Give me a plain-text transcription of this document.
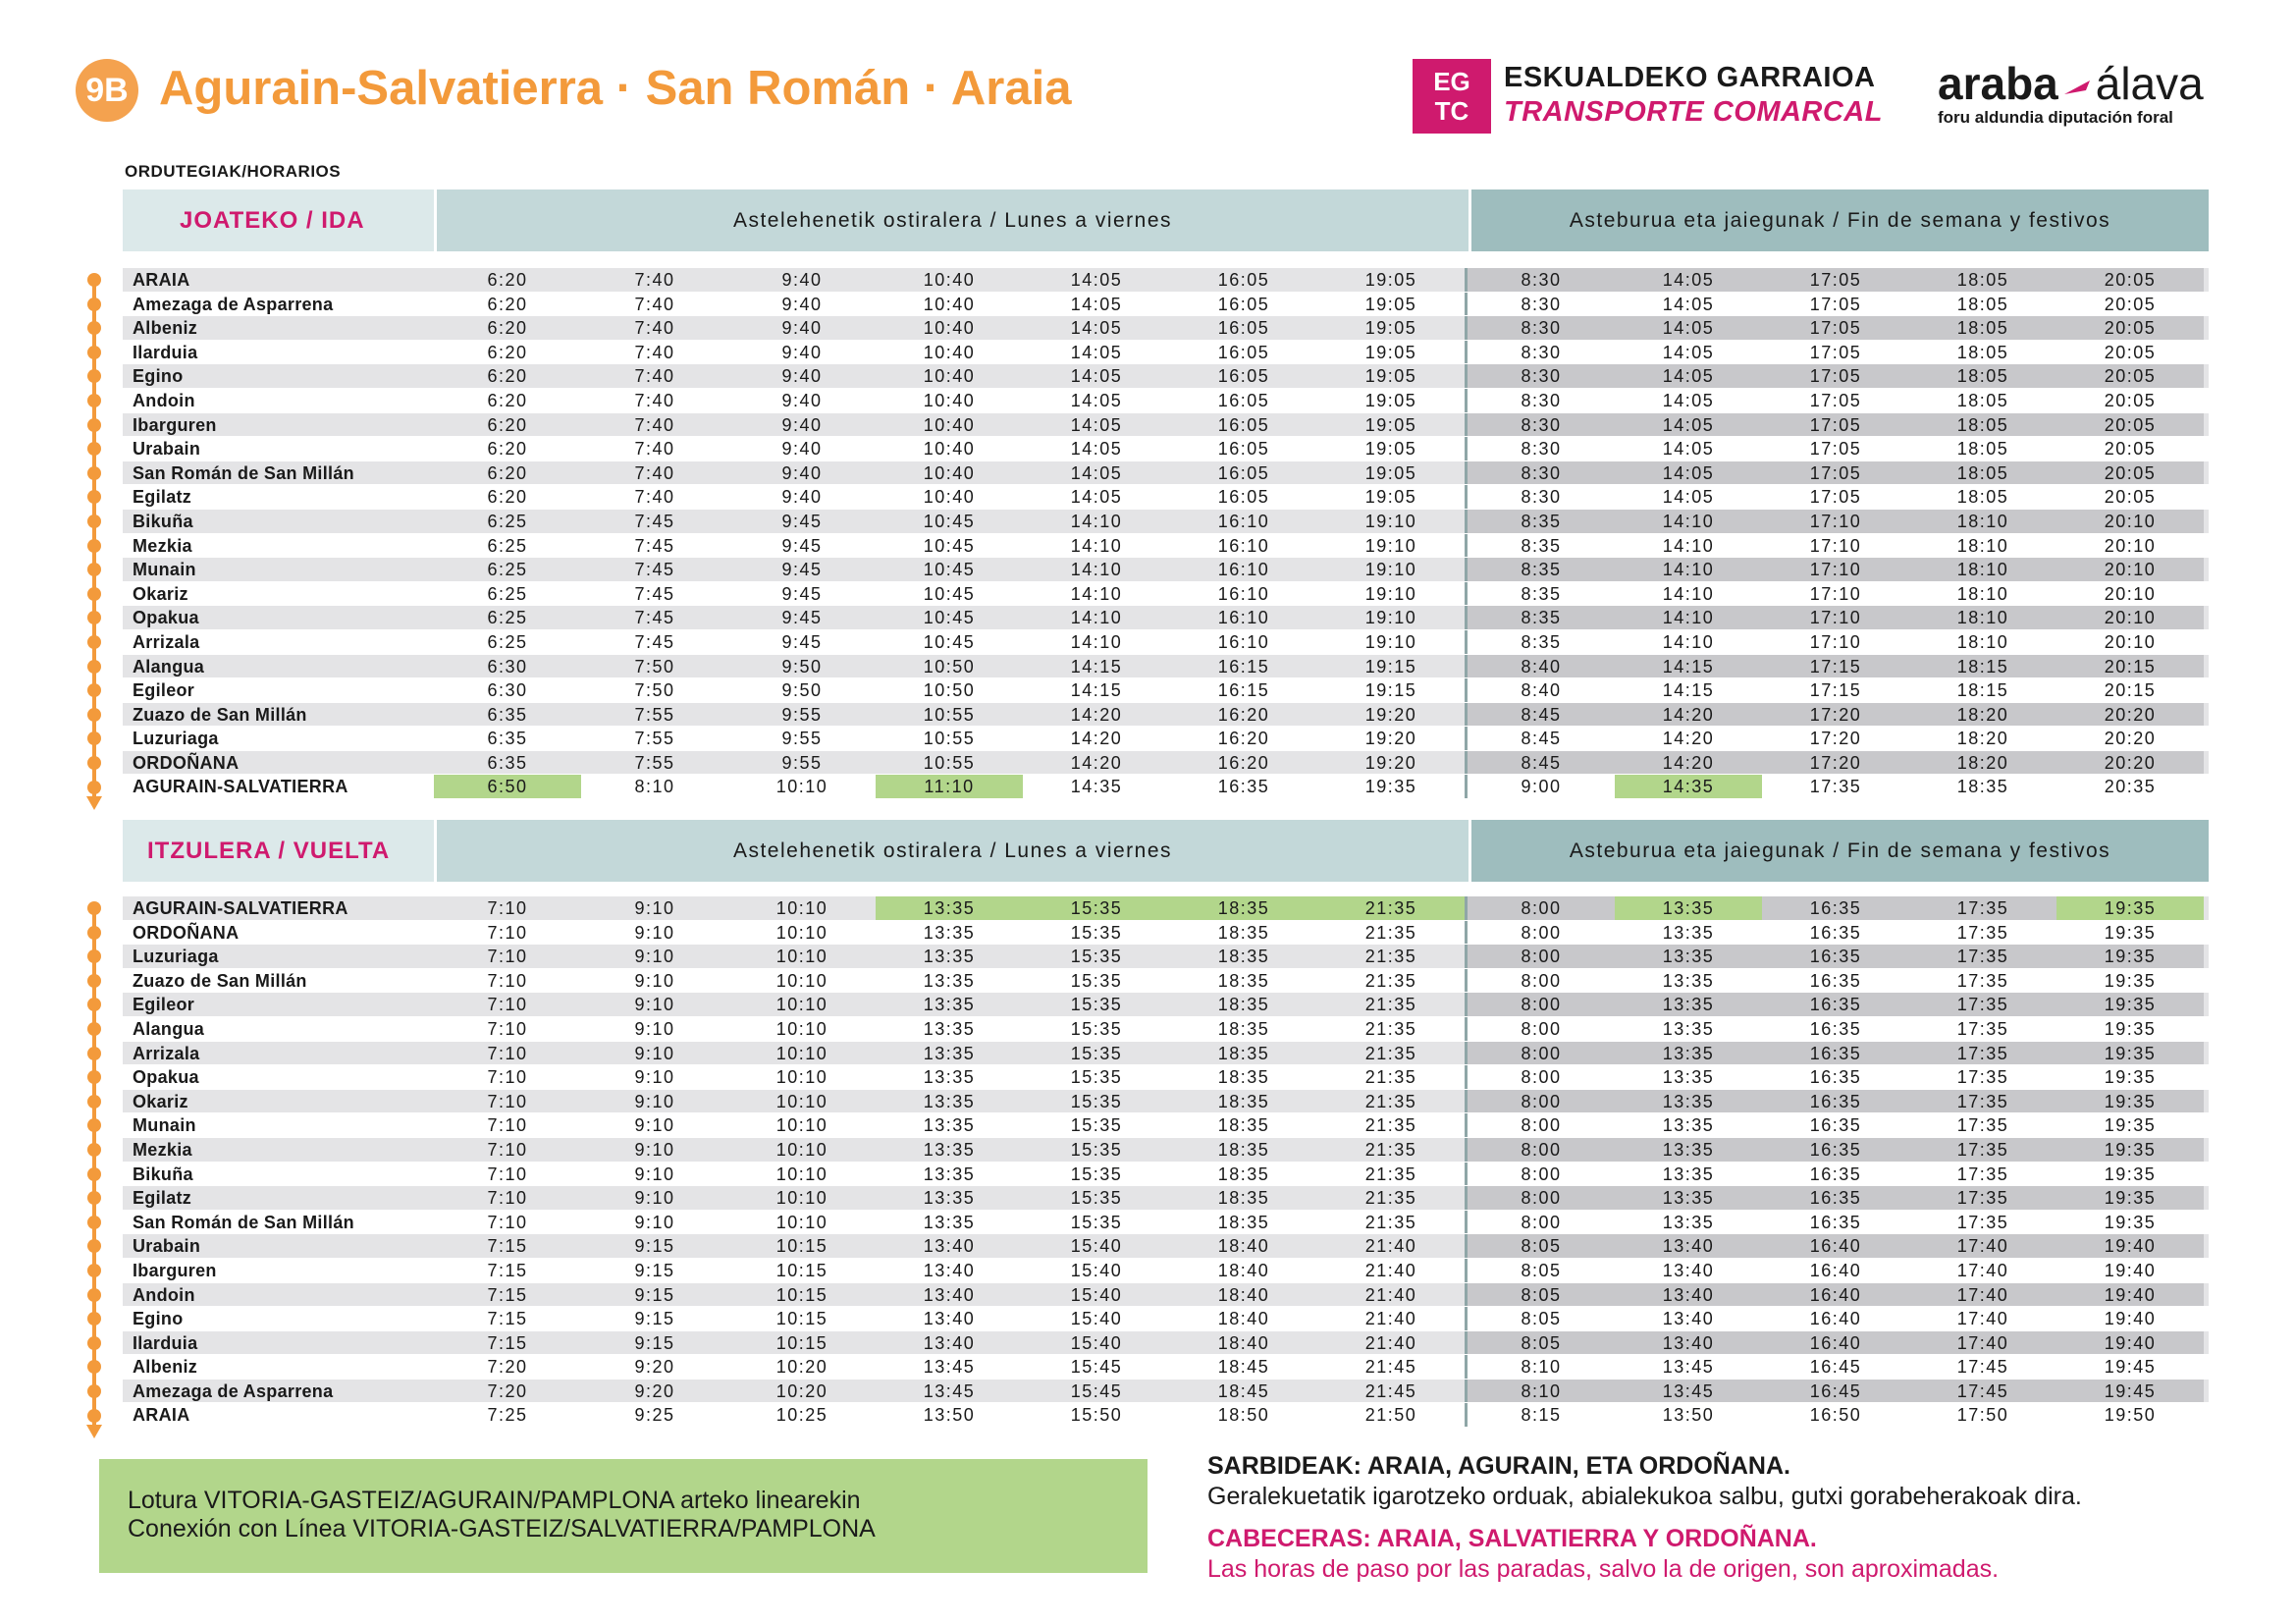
9B Agurain-Salvatierra · San Román · Araia
ORDUTEGIAK/HORARIOS
EG
TC
ESKUALDEKO GARRAIOA
TRANSPORTE COMARCAL
araba álava
foru aldundia diputación foral
JOATEKO / IDA	Astelehenetik ostiralera / Lunes a viernes	Asteburua eta jaiegunak / Fin de semana y festivos
ARAIA	6:20	7:40	9:40	10:40	14:05	16:05	19:05	8:30	14:05	17:05	18:05	20:05
Amezaga de Asparrena	6:20	7:40	9:40	10:40	14:05	16:05	19:05	8:30	14:05	17:05	18:05	20:05
Albeniz	6:20	7:40	9:40	10:40	14:05	16:05	19:05	8:30	14:05	17:05	18:05	20:05
Ilarduia	6:20	7:40	9:40	10:40	14:05	16:05	19:05	8:30	14:05	17:05	18:05	20:05
Egino	6:20	7:40	9:40	10:40	14:05	16:05	19:05	8:30	14:05	17:05	18:05	20:05
Andoin	6:20	7:40	9:40	10:40	14:05	16:05	19:05	8:30	14:05	17:05	18:05	20:05
Ibarguren	6:20	7:40	9:40	10:40	14:05	16:05	19:05	8:30	14:05	17:05	18:05	20:05
Urabain	6:20	7:40	9:40	10:40	14:05	16:05	19:05	8:30	14:05	17:05	18:05	20:05
San Román de San Millán	6:20	7:40	9:40	10:40	14:05	16:05	19:05	8:30	14:05	17:05	18:05	20:05
Egilatz	6:20	7:40	9:40	10:40	14:05	16:05	19:05	8:30	14:05	17:05	18:05	20:05
Bikuña	6:25	7:45	9:45	10:45	14:10	16:10	19:10	8:35	14:10	17:10	18:10	20:10
Mezkia	6:25	7:45	9:45	10:45	14:10	16:10	19:10	8:35	14:10	17:10	18:10	20:10
Munain	6:25	7:45	9:45	10:45	14:10	16:10	19:10	8:35	14:10	17:10	18:10	20:10
Okariz	6:25	7:45	9:45	10:45	14:10	16:10	19:10	8:35	14:10	17:10	18:10	20:10
Opakua	6:25	7:45	9:45	10:45	14:10	16:10	19:10	8:35	14:10	17:10	18:10	20:10
Arrizala	6:25	7:45	9:45	10:45	14:10	16:10	19:10	8:35	14:10	17:10	18:10	20:10
Alangua	6:30	7:50	9:50	10:50	14:15	16:15	19:15	8:40	14:15	17:15	18:15	20:15
Egileor	6:30	7:50	9:50	10:50	14:15	16:15	19:15	8:40	14:15	17:15	18:15	20:15
Zuazo de San Millán	6:35	7:55	9:55	10:55	14:20	16:20	19:20	8:45	14:20	17:20	18:20	20:20
Luzuriaga	6:35	7:55	9:55	10:55	14:20	16:20	19:20	8:45	14:20	17:20	18:20	20:20
ORDOÑANA	6:35	7:55	9:55	10:55	14:20	16:20	19:20	8:45	14:20	17:20	18:20	20:20
AGURAIN-SALVATIERRA	6:50	8:10	10:10	11:10	14:35	16:35	19:35	9:00	14:35	17:35	18:35	20:35
ITZULERA / VUELTA	Astelehenetik ostiralera / Lunes a viernes	Asteburua eta jaiegunak / Fin de semana y festivos
AGURAIN-SALVATIERRA	7:10	9:10	10:10	13:35	15:35	18:35	21:35	8:00	13:35	16:35	17:35	19:35
ORDOÑANA	7:10	9:10	10:10	13:35	15:35	18:35	21:35	8:00	13:35	16:35	17:35	19:35
Luzuriaga	7:10	9:10	10:10	13:35	15:35	18:35	21:35	8:00	13:35	16:35	17:35	19:35
Zuazo de San Millán	7:10	9:10	10:10	13:35	15:35	18:35	21:35	8:00	13:35	16:35	17:35	19:35
Egileor	7:10	9:10	10:10	13:35	15:35	18:35	21:35	8:00	13:35	16:35	17:35	19:35
Alangua	7:10	9:10	10:10	13:35	15:35	18:35	21:35	8:00	13:35	16:35	17:35	19:35
Arrizala	7:10	9:10	10:10	13:35	15:35	18:35	21:35	8:00	13:35	16:35	17:35	19:35
Opakua	7:10	9:10	10:10	13:35	15:35	18:35	21:35	8:00	13:35	16:35	17:35	19:35
Okariz	7:10	9:10	10:10	13:35	15:35	18:35	21:35	8:00	13:35	16:35	17:35	19:35
Munain	7:10	9:10	10:10	13:35	15:35	18:35	21:35	8:00	13:35	16:35	17:35	19:35
Mezkia	7:10	9:10	10:10	13:35	15:35	18:35	21:35	8:00	13:35	16:35	17:35	19:35
Bikuña	7:10	9:10	10:10	13:35	15:35	18:35	21:35	8:00	13:35	16:35	17:35	19:35
Egilatz	7:10	9:10	10:10	13:35	15:35	18:35	21:35	8:00	13:35	16:35	17:35	19:35
San Román de San Millán	7:10	9:10	10:10	13:35	15:35	18:35	21:35	8:00	13:35	16:35	17:35	19:35
Urabain	7:15	9:15	10:15	13:40	15:40	18:40	21:40	8:05	13:40	16:40	17:40	19:40
Ibarguren	7:15	9:15	10:15	13:40	15:40	18:40	21:40	8:05	13:40	16:40	17:40	19:40
Andoin	7:15	9:15	10:15	13:40	15:40	18:40	21:40	8:05	13:40	16:40	17:40	19:40
Egino	7:15	9:15	10:15	13:40	15:40	18:40	21:40	8:05	13:40	16:40	17:40	19:40
Ilarduia	7:15	9:15	10:15	13:40	15:40	18:40	21:40	8:05	13:40	16:40	17:40	19:40
Albeniz	7:20	9:20	10:20	13:45	15:45	18:45	21:45	8:10	13:45	16:45	17:45	19:45
Amezaga de Asparrena	7:20	9:20	10:20	13:45	15:45	18:45	21:45	8:10	13:45	16:45	17:45	19:45
ARAIA	7:25	9:25	10:25	13:50	15:50	18:50	21:50	8:15	13:50	16:50	17:50	19:50
Lotura VITORIA-GASTEIZ/AGURAIN/PAMPLONA arteko linearekin
Conexión con Línea VITORIA-GASTEIZ/SALVATIERRA/PAMPLONA
SARBIDEAK: ARAIA, AGURAIN, ETA ORDOÑANA.
Geralekuetatik igarotzeko orduak, abialekukoa salbu, gutxi gorabeherakoak dira.
CABECERAS: ARAIA, SALVATIERRA Y ORDOÑANA.
Las horas de paso por las paradas, salvo la de origen, son aproximadas.
